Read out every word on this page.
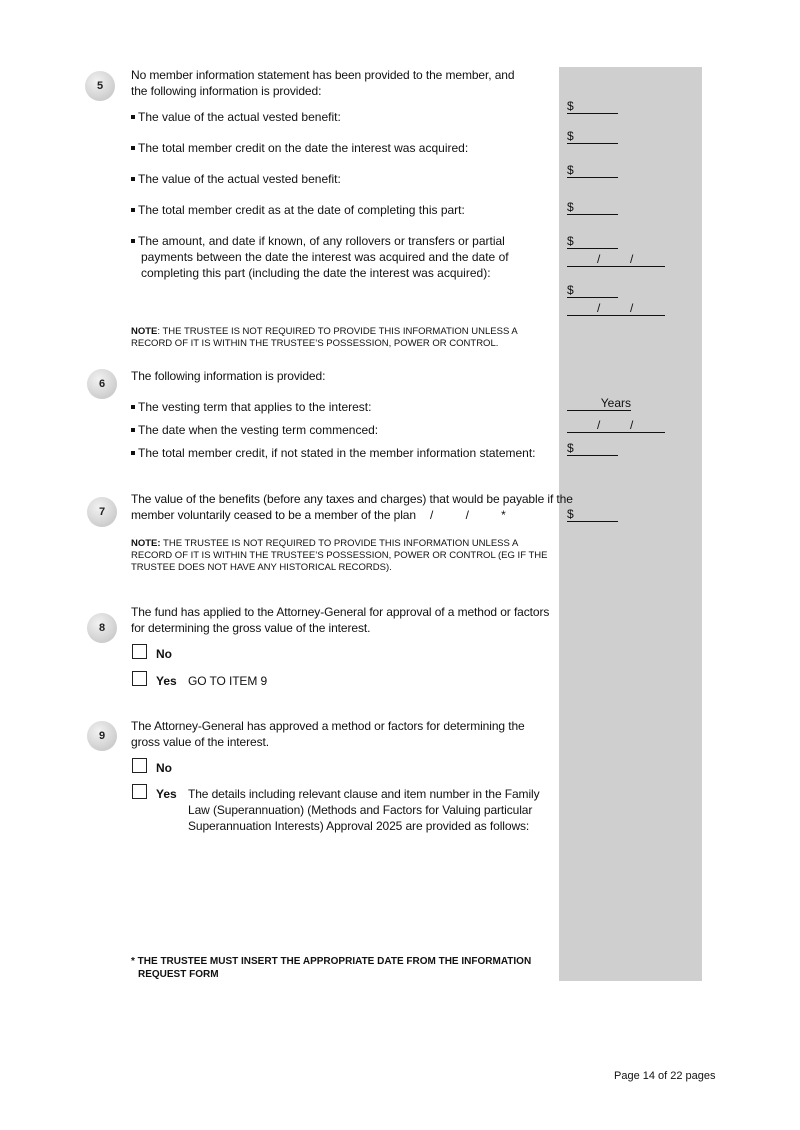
5
No member information statement has been provided to the member, and the following information is provided:
The value of the actual vested benefit:
The total member credit on the date the interest was acquired:
The value of the actual vested benefit:
The total member credit as at the date of completing this part:
The amount, and date if known, of any rollovers or transfers or partial payments between the date the interest was acquired and the date of completing this part (including the date the interest was acquired):
NOTE: THE TRUSTEE IS NOT REQUIRED TO PROVIDE THIS INFORMATION UNLESS A RECORD OF IT IS WITHIN THE TRUSTEE’S POSSESSION, POWER OR CONTROL.
$
$
$
$
$
/ /
$
/ /
6
The following information is provided:
The vesting term that applies to the interest:
The date when the vesting term commenced:
The total member credit, if not stated in the member information statement:
Years
/ /
$
7
The value of the benefits (before any taxes and charges) that would be payable if the
member voluntarily ceased to be a member of the plan /          /          *
NOTE: THE TRUSTEE IS NOT REQUIRED TO PROVIDE THIS INFORMATION UNLESS A RECORD OF IT IS WITHIN THE TRUSTEE’S POSSESSION, POWER OR CONTROL (EG IF THE TRUSTEE DOES NOT HAVE ANY HISTORICAL RECORDS).
$
8
The fund has applied to the Attorney-General for approval of a method or factors for determining the gross value of the interest.
No
Yes GO TO ITEM 9
9
The Attorney-General has approved a method or factors for determining the gross value of the interest.
No
Yes The details including relevant clause and item number in the Family Law (Superannuation) (Methods and Factors for Valuing particular Superannuation Interests) Approval 2025 are provided as follows:
* THE TRUSTEE MUST INSERT THE APPROPRIATE DATE FROM THE INFORMATION REQUEST FORM
Page 14 of 22 pages
